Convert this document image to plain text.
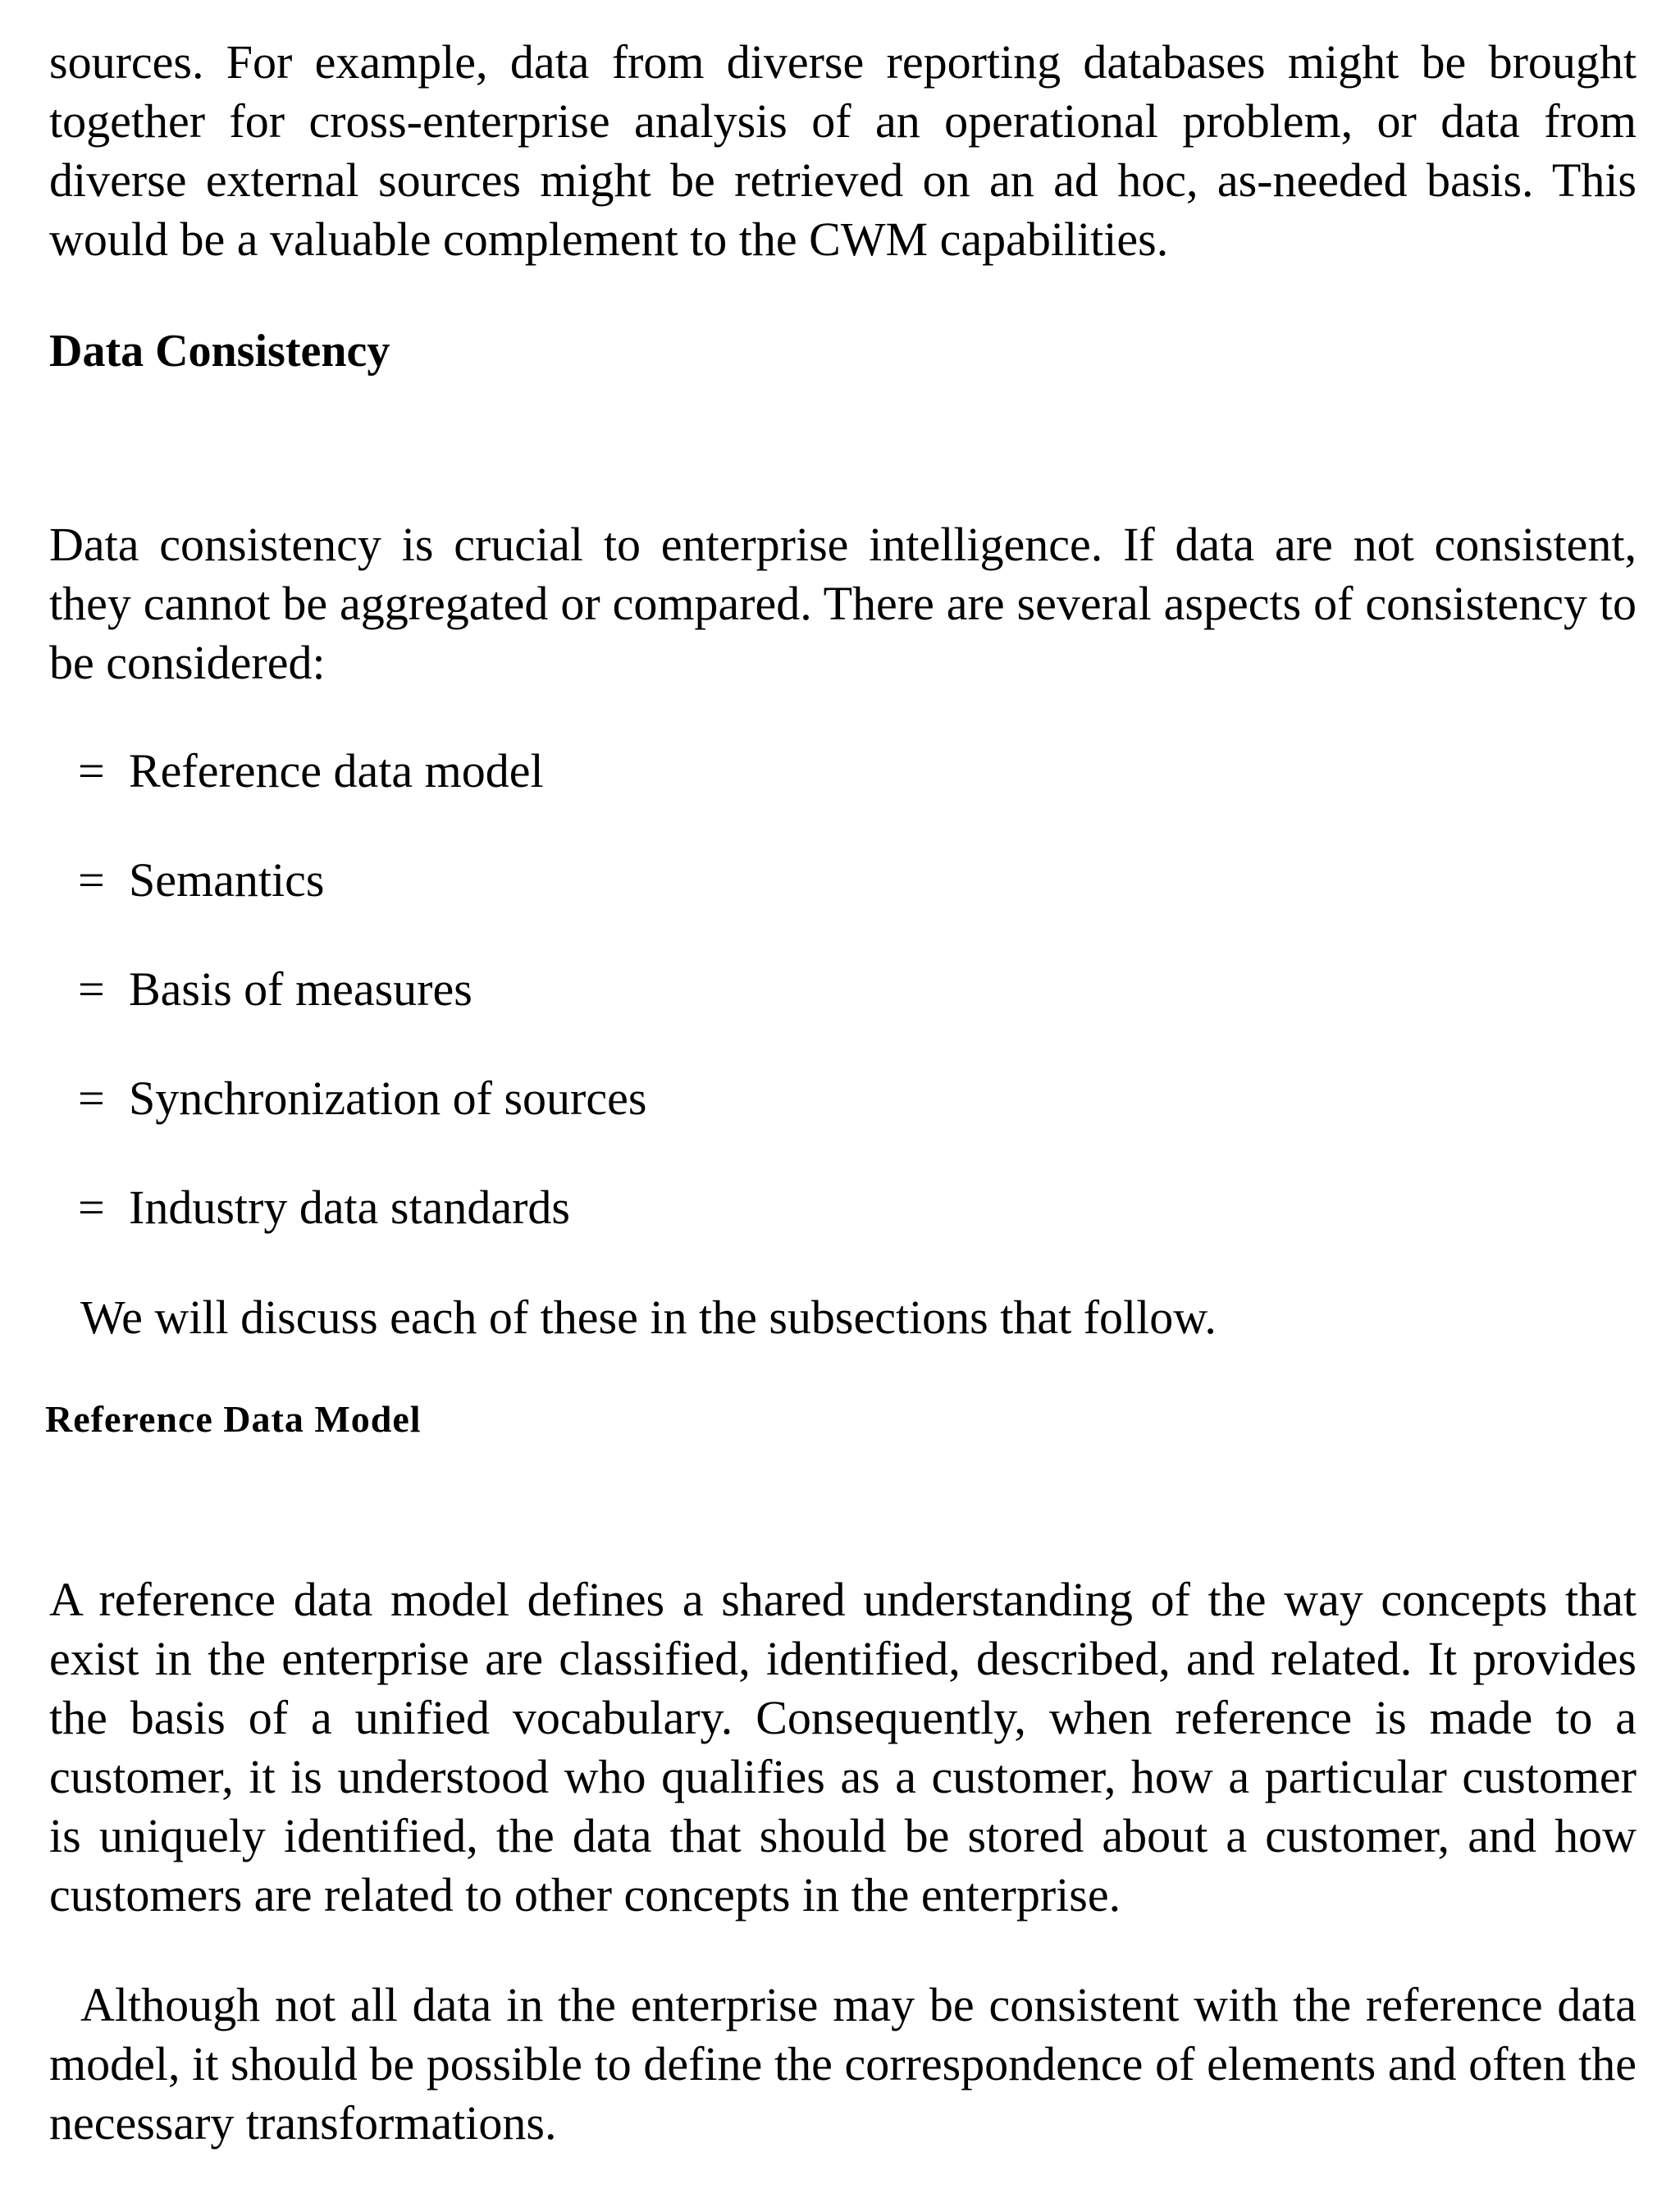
sources. For example, data from diverse reporting databases might be brought together for cross-enterprise analysis of an operational problem, or data from diverse external sources might be retrieved on an ad hoc, as-needed basis. This would be a valuable complement to the CWM capabilities.

Data Consistency

Data consistency is crucial to enterprise intelligence. If data are not consistent, they cannot be aggregated or compared. There are several aspects of consistency to be considered:

= Reference data model
= Semantics
= Basis of measures
= Synchronization of sources
= Industry data standards

We will discuss each of these in the subsections that follow.

Reference Data Model

A reference data model defines a shared understanding of the way concepts that exist in the enterprise are classified, identified, described, and related. It provides the basis of a unified vocabulary. Consequently, when reference is made to a customer, it is understood who qualifies as a customer, how a particular customer is uniquely identified, the data that should be stored about a customer, and how customers are related to other concepts in the enterprise.

Although not all data in the enterprise may be consistent with the reference data model, it should be possible to define the correspondence of elements and often the necessary transformations.
